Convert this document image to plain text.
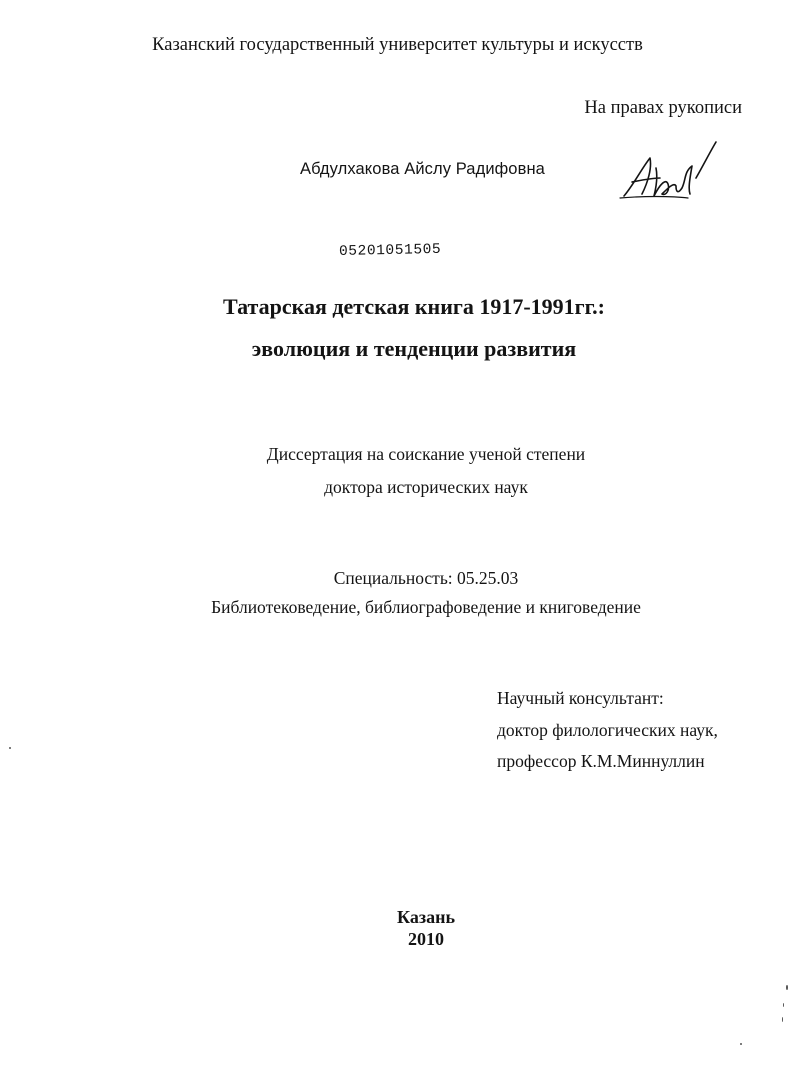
Казанский государственный университет культуры и искусств
На правах рукописи
Абдулхакова Айслу Радифовна
05201051505
Татарская детская книга 1917-1991гг.:
эволюция и тенденции развития
Диссертация на соискание ученой степени
доктора исторических наук
Специальность: 05.25.03
Библиотековедение, библиографоведение и книговедение
Научный консультант:
доктор филологических наук,
профессор К.М.Миннуллин
Казань
2010
